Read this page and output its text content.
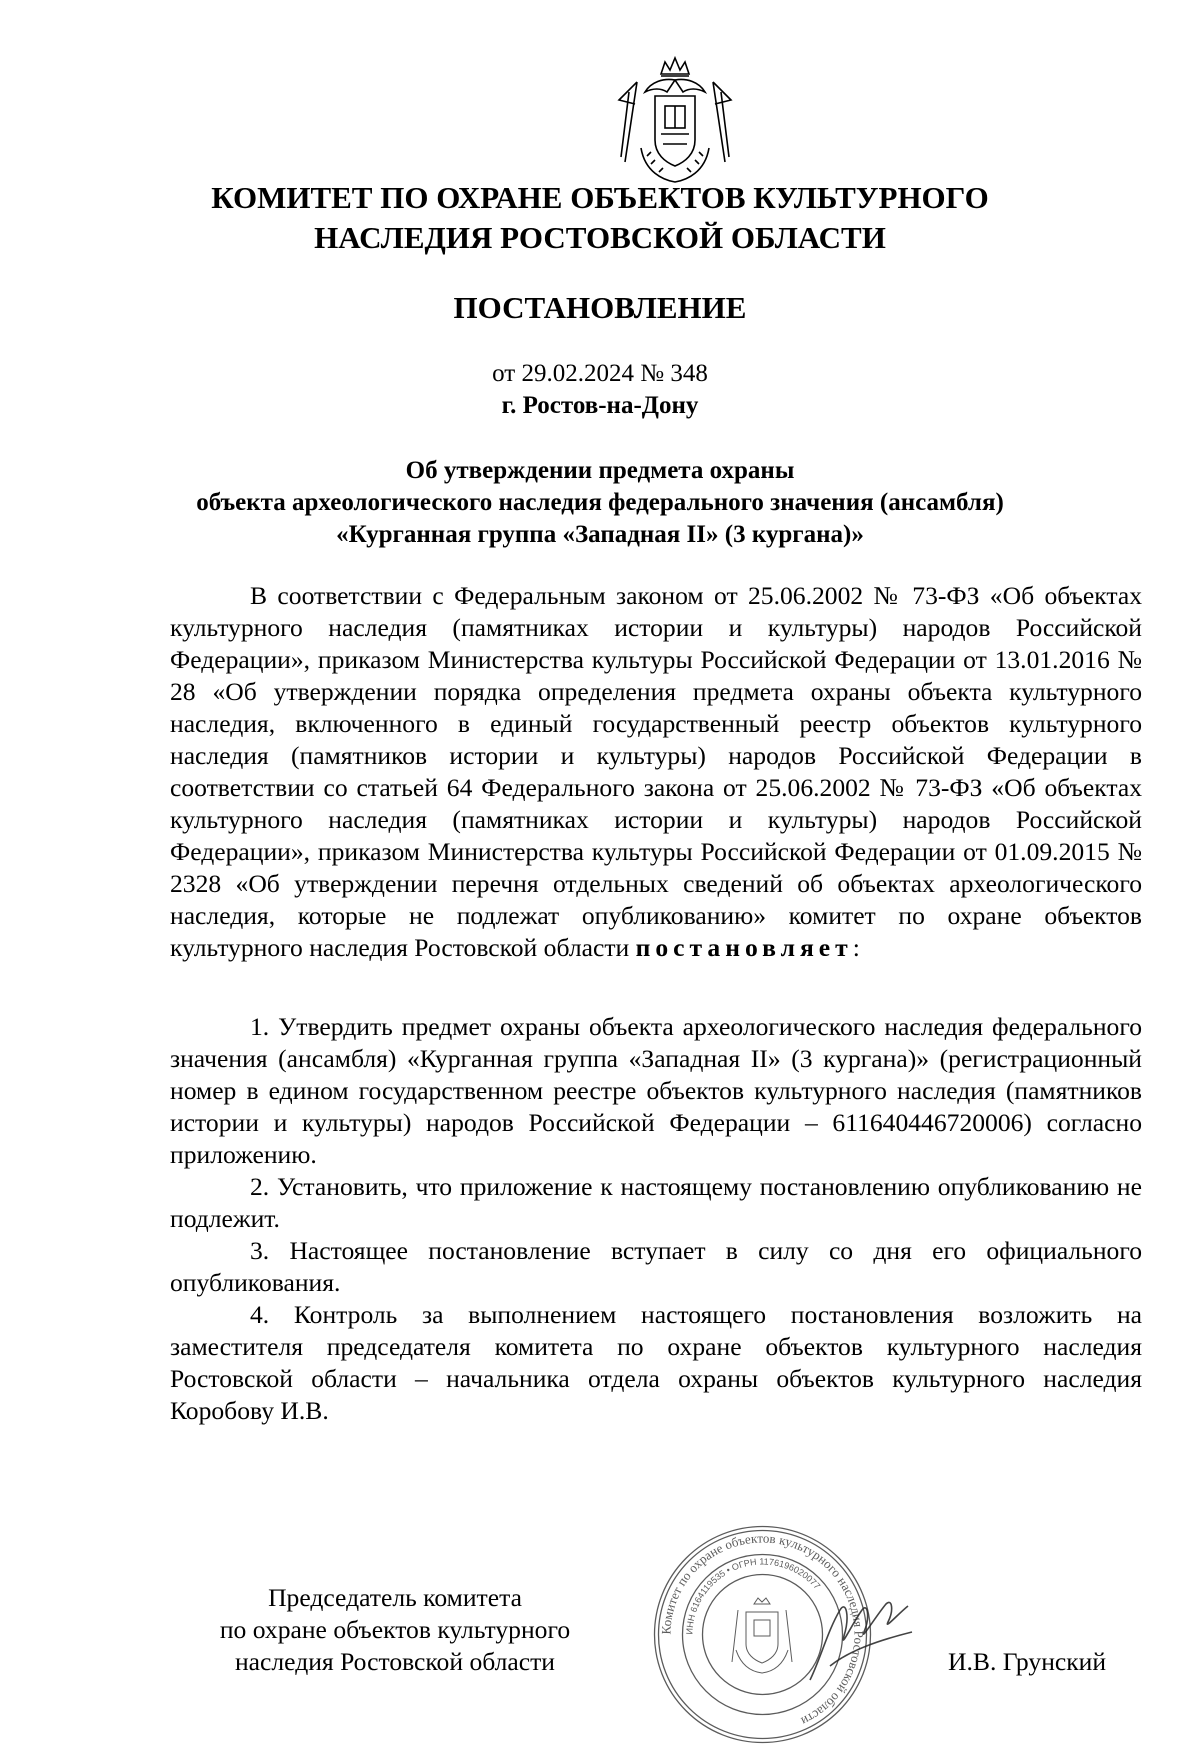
КОМИТЕТ ПО ОХРАНЕ ОБЪЕКТОВ КУЛЬТУРНОГО
НАСЛЕДИЯ РОСТОВСКОЙ ОБЛАСТИ
ПОСТАНОВЛЕНИЕ
от 29.02.2024 № 348
г. Ростов-на-Дону
Об утверждении предмета охраны
объекта археологического наследия федерального значения (ансамбля)
«Курганная группа «Западная II» (3 кургана)»

В соответствии с Федеральным законом от 25.06.2002 № 73-ФЗ «Об объектах культурного наследия (памятниках истории и культуры) народов Российской Федерации», приказом Министерства культуры Российской Федерации от 13.01.2016 № 28 «Об утверждении порядка определения предмета охраны объекта культурного наследия, включенного в единый государственный реестр объектов культурного наследия (памятников истории и культуры) народов Российской Федерации в соответствии со статьей 64 Федерального закона от 25.06.2002 № 73-ФЗ «Об объектах культурного наследия (памятниках истории и культуры) народов Российской Федерации», приказом Министерства культуры Российской Федерации от 01.09.2015 № 2328 «Об утверждении перечня отдельных сведений об объектах археологического наследия, которые не подлежат опубликованию» комитет по охране объектов культурного наследия Ростовской области постановляет:

1. Утвердить предмет охраны объекта археологического наследия федерального значения (ансамбля) «Курганная группа «Западная II» (3 кургана)» (регистрационный номер в едином государственном реестре объектов культурного наследия (памятников истории и культуры) народов Российской Федерации – 611640446720006) согласно приложению.

2. Установить, что приложение к настоящему постановлению опубликованию не подлежит.

3. Настоящее постановление вступает в силу со дня его официального опубликования.

4. Контроль за выполнением настоящего постановления возложить на заместителя председателя комитета по охране объектов культурного наследия Ростовской области – начальника отдела охраны объектов культурного наследия Коробову И.В.

Председатель комитета
по охране объектов культурного
наследия Ростовской области
Комитет по охране объектов культурного наследия Ростовской области
ИНН 6164119535 • ОГРН 1176196020077
И.В. Грунский
